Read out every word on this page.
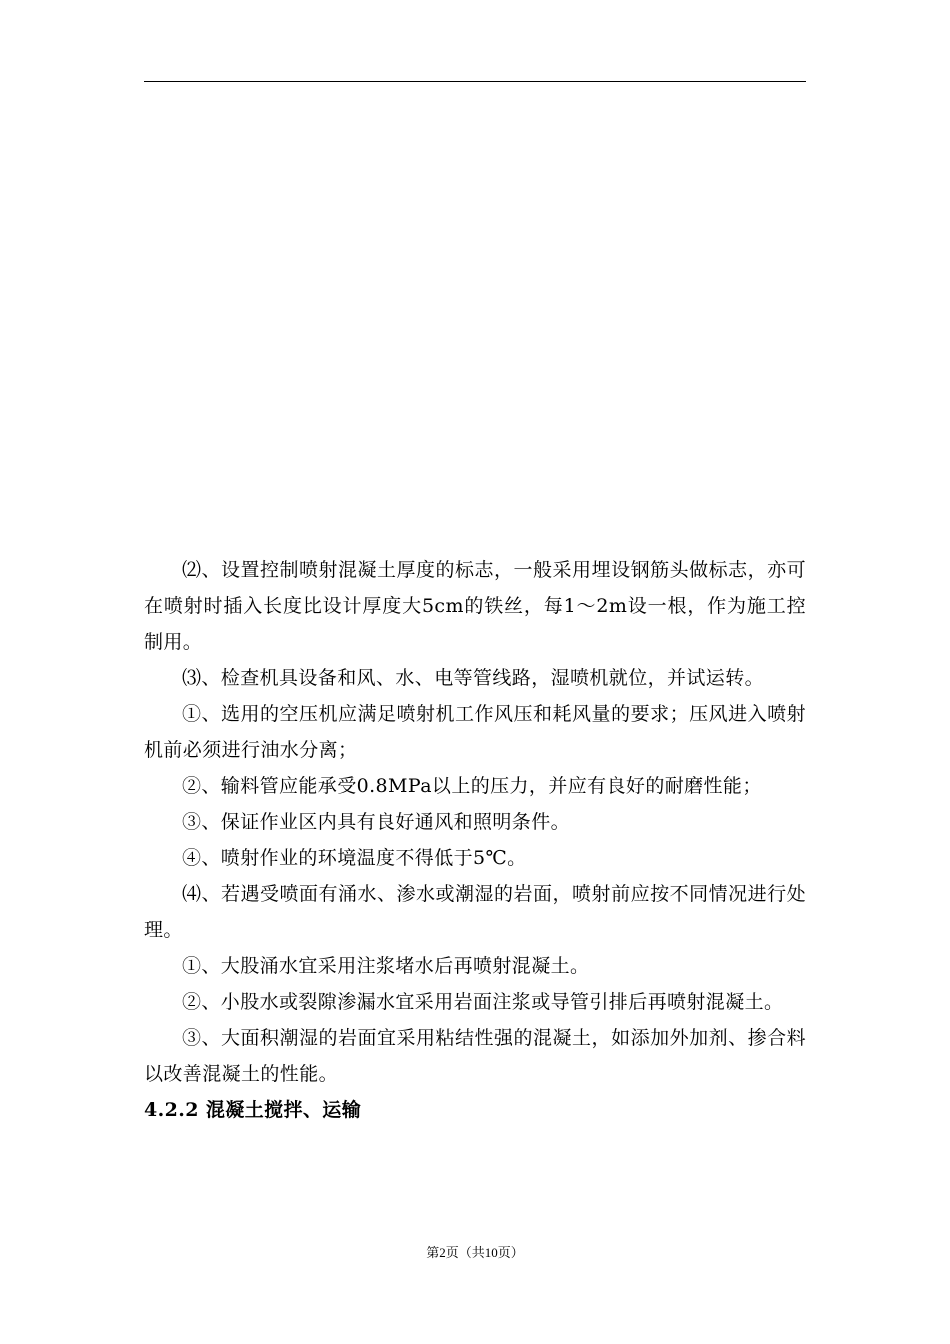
⑵、设置控制喷射混凝土厚度的标志，一般采用埋设钢筋头做标志，亦可在喷射时插入长度比设计厚度大5cm的铁丝，每1～2m设一根，作为施工控制用。

⑶、检查机具设备和风、水、电等管线路，湿喷机就位，并试运转。

①、选用的空压机应满足喷射机工作风压和耗风量的要求；压风进入喷射机前必须进行油水分离；

②、输料管应能承受0.8MPa以上的压力，并应有良好的耐磨性能；

③、保证作业区内具有良好通风和照明条件。

④、喷射作业的环境温度不得低于5℃。

⑷、若遇受喷面有涌水、渗水或潮湿的岩面，喷射前应按不同情况进行处理。

①、大股涌水宜采用注浆堵水后再喷射混凝土。

②、小股水或裂隙渗漏水宜采用岩面注浆或导管引排后再喷射混凝土。

③、大面积潮湿的岩面宜采用粘结性强的混凝土，如添加外加剂、掺合料以改善混凝土的性能。

4.2.2 混凝土搅拌、运输

第2页（共10页）
